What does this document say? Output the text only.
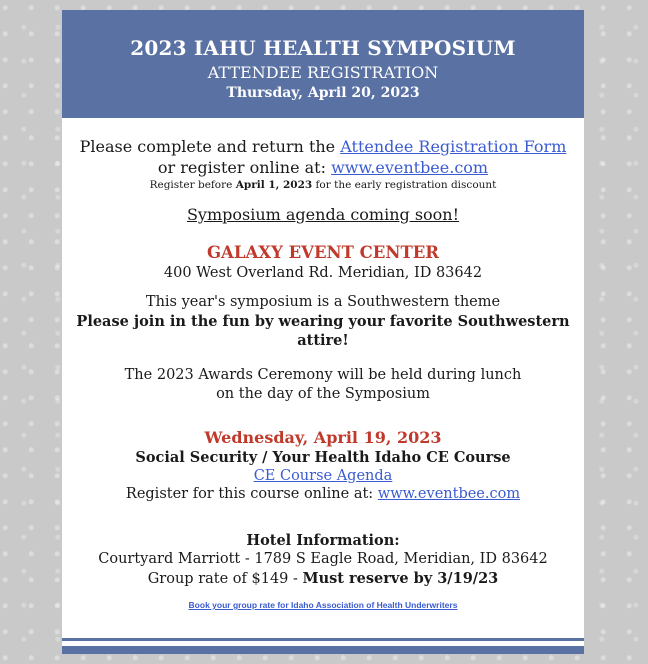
2023 IAHU HEALTH SYMPOSIUM
ATTENDEE REGISTRATION
Thursday, April 20, 2023
Please complete and return the Attendee Registration Form
or register online at: www.eventbee.com
Register before April 1, 2023 for the early registration discount
Symposium agenda coming soon!
GALAXY EVENT CENTER
400 West Overland Rd. Meridian, ID 83642
This year's symposium is a Southwestern theme
Please join in the fun by wearing your favorite Southwestern attire!
The 2023 Awards Ceremony will be held during lunch
on the day of the Symposium
Wednesday, April 19, 2023
Social Security / Your Health Idaho CE Course
CE Course Agenda
Register for this course online at: www.eventbee.com
Hotel Information:
Courtyard Marriott - 1789 S Eagle Road, Meridian, ID 83642
Group rate of $149 - Must reserve by 3/19/23
Book your group rate for Idaho Association of Health Underwriters
